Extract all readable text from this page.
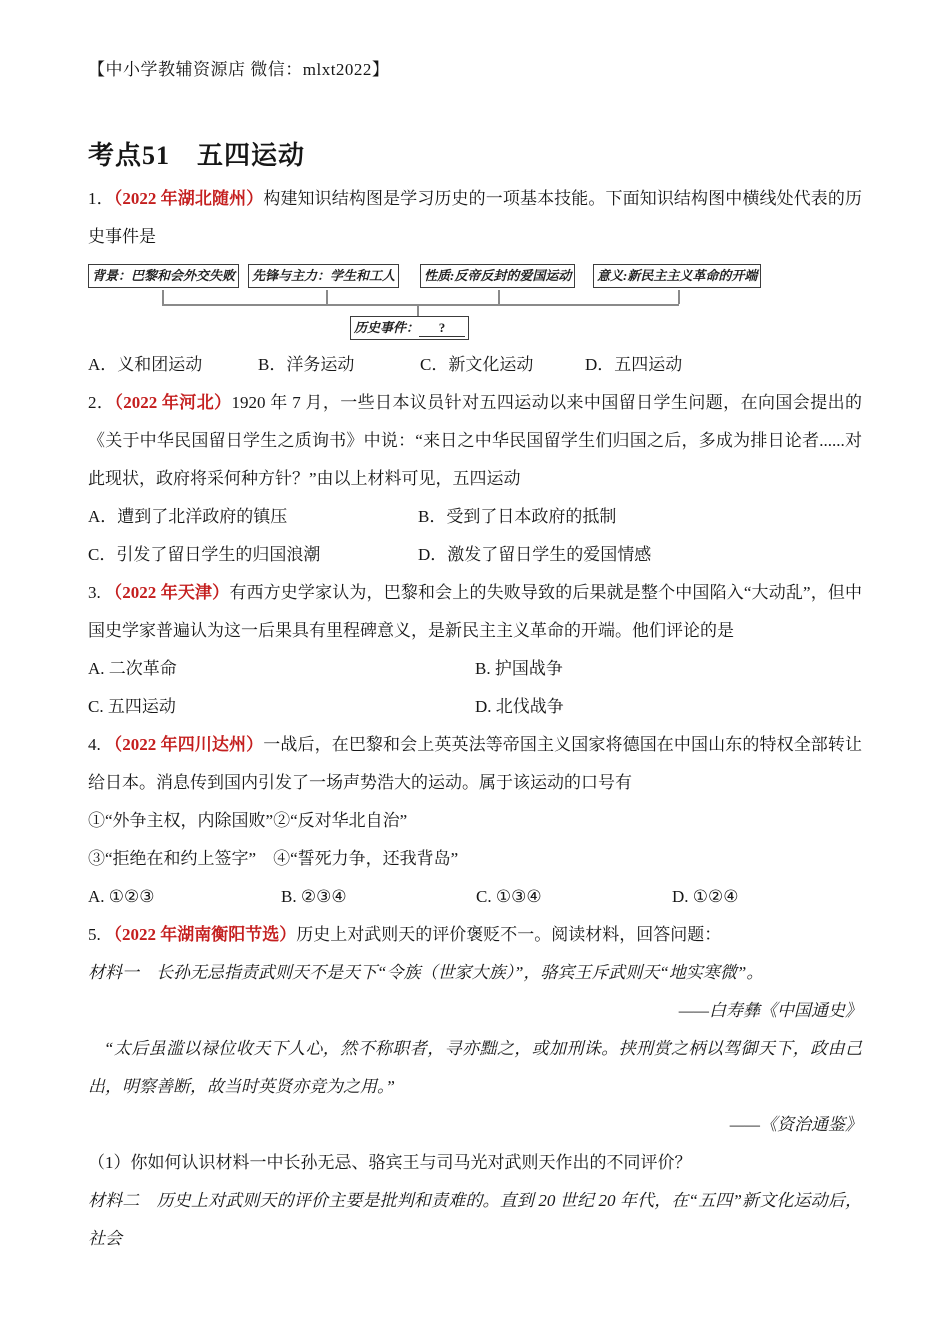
【中小学教辅资源店 微信：mlxt2022】
考点51　五四运动

1．（2022 年湖北随州）构建知识结构图是学习历史的一项基本技能。下面知识结构图中横线处代表的历史事件是

背景：巴黎和会外交失败	先锋与主力：学生和工人	性质:反帝反封的爱国运动	意义:新民主主义革命的开端
历史事件： ?
A．义和团运动	B．洋务运动	C．新文化运动	D．五四运动

2．（2022 年河北）1920 年 7 月，一些日本议员针对五四运动以来中国留日学生问题，在向国会提出的《关于中华民国留日学生之质询书》中说：“来日之中华民国留学生们归国之后，多成为排日论者......对此现状，政府将采何种方针？”由以上材料可见，五四运动

A．遭到了北洋政府的镇压	B．受到了日本政府的抵制
C．引发了留日学生的归国浪潮	D．激发了留日学生的爱国情感

3. （2022 年天津）有西方史学家认为，巴黎和会上的失败导致的后果就是整个中国陷入“大动乱”，但中国史学家普遍认为这一后果具有里程碑意义，是新民主主义革命的开端。他们评论的是

A. 二次革命	B. 护国战争
C. 五四运动	D. 北伐战争

4. （2022 年四川达州）一战后，在巴黎和会上英英法等帝国主义国家将德国在中国山东的特权全部转让给日本。消息传到国内引发了一场声势浩大的运动。属于该运动的口号有

①“外争主权，内除国败”②“反对华北自治”

③“拒绝在和约上签字”　④“誓死力争，还我背岛”

A. ①②③	B. ②③④	C. ①③④	D. ①②④

5. （2022 年湖南衡阳节选）历史上对武则天的评价褒贬不一。阅读材料，回答问题：

材料一　长孙无忌指责武则天不是天下“令族（世家大族）”，骆宾王斥武则天“地实寒微”。

——白寿彝《中国通史》

“太后虽滥以禄位收天下人心，然不称职者，寻亦黜之，或加刑诛。挟刑赏之柄以驾御天下，政由己出，明察善断，故当时英贤亦竞为之用。”

——《资治通鉴》

（1）你如何认识材料一中长孙无忌、骆宾王与司马光对武则天作出的不同评价？

材料二　历史上对武则天的评价主要是批判和责难的。直到 20 世纪 20 年代，在“五四”新文化运动后，社会
